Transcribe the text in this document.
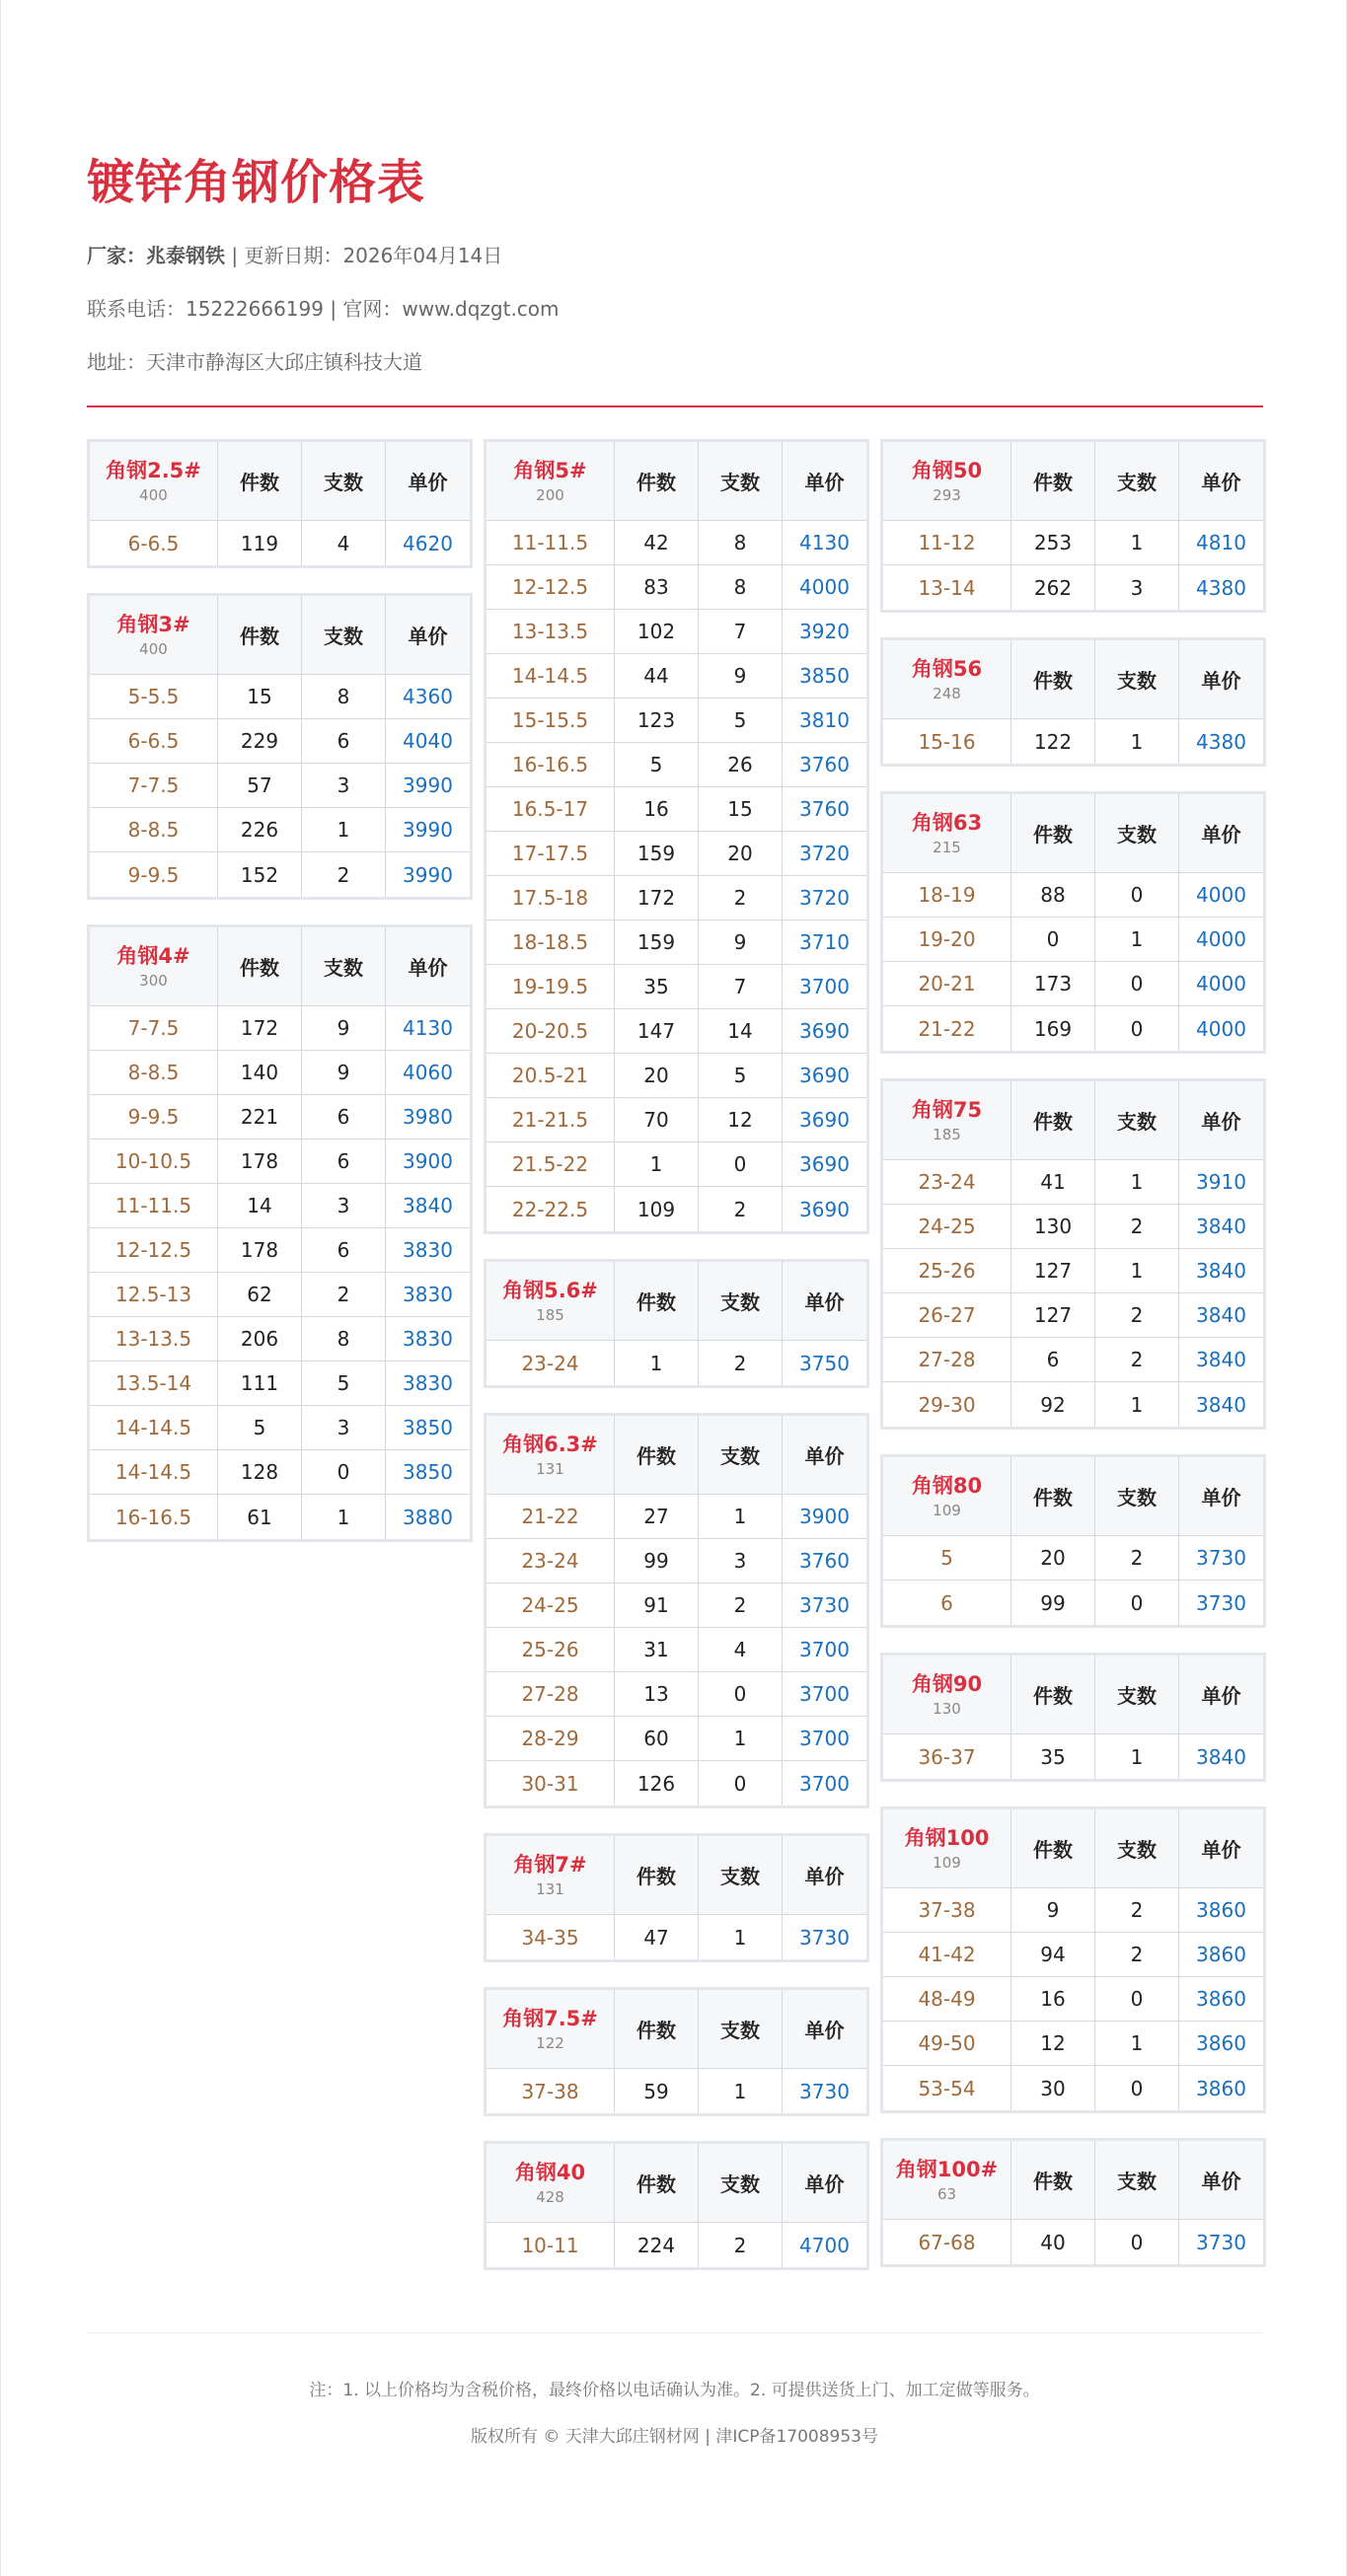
镀锌角钢价格表
厂家：兆泰钢铁 | 更新日期：2026年04月14日
联系电话：15222666199 | 官网：www.dqzgt.com
地址：天津市静海区大邱庄镇科技大道
角钢2.5#
400	件数	支数	单价
6-6.5	119	4	4620
角钢3#
400	件数	支数	单价
5-5.5	15	8	4360
6-6.5	229	6	4040
7-7.5	57	3	3990
8-8.5	226	1	3990
9-9.5	152	2	3990
角钢4#
300	件数	支数	单价
7-7.5	172	9	4130
8-8.5	140	9	4060
9-9.5	221	6	3980
10-10.5	178	6	3900
11-11.5	14	3	3840
12-12.5	178	6	3830
12.5-13	62	2	3830
13-13.5	206	8	3830
13.5-14	111	5	3830
14-14.5	5	3	3850
14-14.5	128	0	3850
16-16.5	61	1	3880
角钢5#
200	件数	支数	单价
11-11.5	42	8	4130
12-12.5	83	8	4000
13-13.5	102	7	3920
14-14.5	44	9	3850
15-15.5	123	5	3810
16-16.5	5	26	3760
16.5-17	16	15	3760
17-17.5	159	20	3720
17.5-18	172	2	3720
18-18.5	159	9	3710
19-19.5	35	7	3700
20-20.5	147	14	3690
20.5-21	20	5	3690
21-21.5	70	12	3690
21.5-22	1	0	3690
22-22.5	109	2	3690
角钢5.6#
185	件数	支数	单价
23-24	1	2	3750
角钢6.3#
131	件数	支数	单价
21-22	27	1	3900
23-24	99	3	3760
24-25	91	2	3730
25-26	31	4	3700
27-28	13	0	3700
28-29	60	1	3700
30-31	126	0	3700
角钢7#
131	件数	支数	单价
34-35	47	1	3730
角钢7.5#
122	件数	支数	单价
37-38	59	1	3730
角钢40
428	件数	支数	单价
10-11	224	2	4700
角钢50
293	件数	支数	单价
11-12	253	1	4810
13-14	262	3	4380
角钢56
248	件数	支数	单价
15-16	122	1	4380
角钢63
215	件数	支数	单价
18-19	88	0	4000
19-20	0	1	4000
20-21	173	0	4000
21-22	169	0	4000
角钢75
185	件数	支数	单价
23-24	41	1	3910
24-25	130	2	3840
25-26	127	1	3840
26-27	127	2	3840
27-28	6	2	3840
29-30	92	1	3840
角钢80
109	件数	支数	单价
5	20	2	3730
6	99	0	3730
角钢90
130	件数	支数	单价
36-37	35	1	3840
角钢100
109	件数	支数	单价
37-38	9	2	3860
41-42	94	2	3860
48-49	16	0	3860
49-50	12	1	3860
53-54	30	0	3860
角钢100#
63	件数	支数	单价
67-68	40	0	3730
注：1. 以上价格均为含税价格，最终价格以电话确认为准。2. 可提供送货上门、加工定做等服务。
版权所有 © 天津大邱庄钢材网 | 津ICP备17008953号
